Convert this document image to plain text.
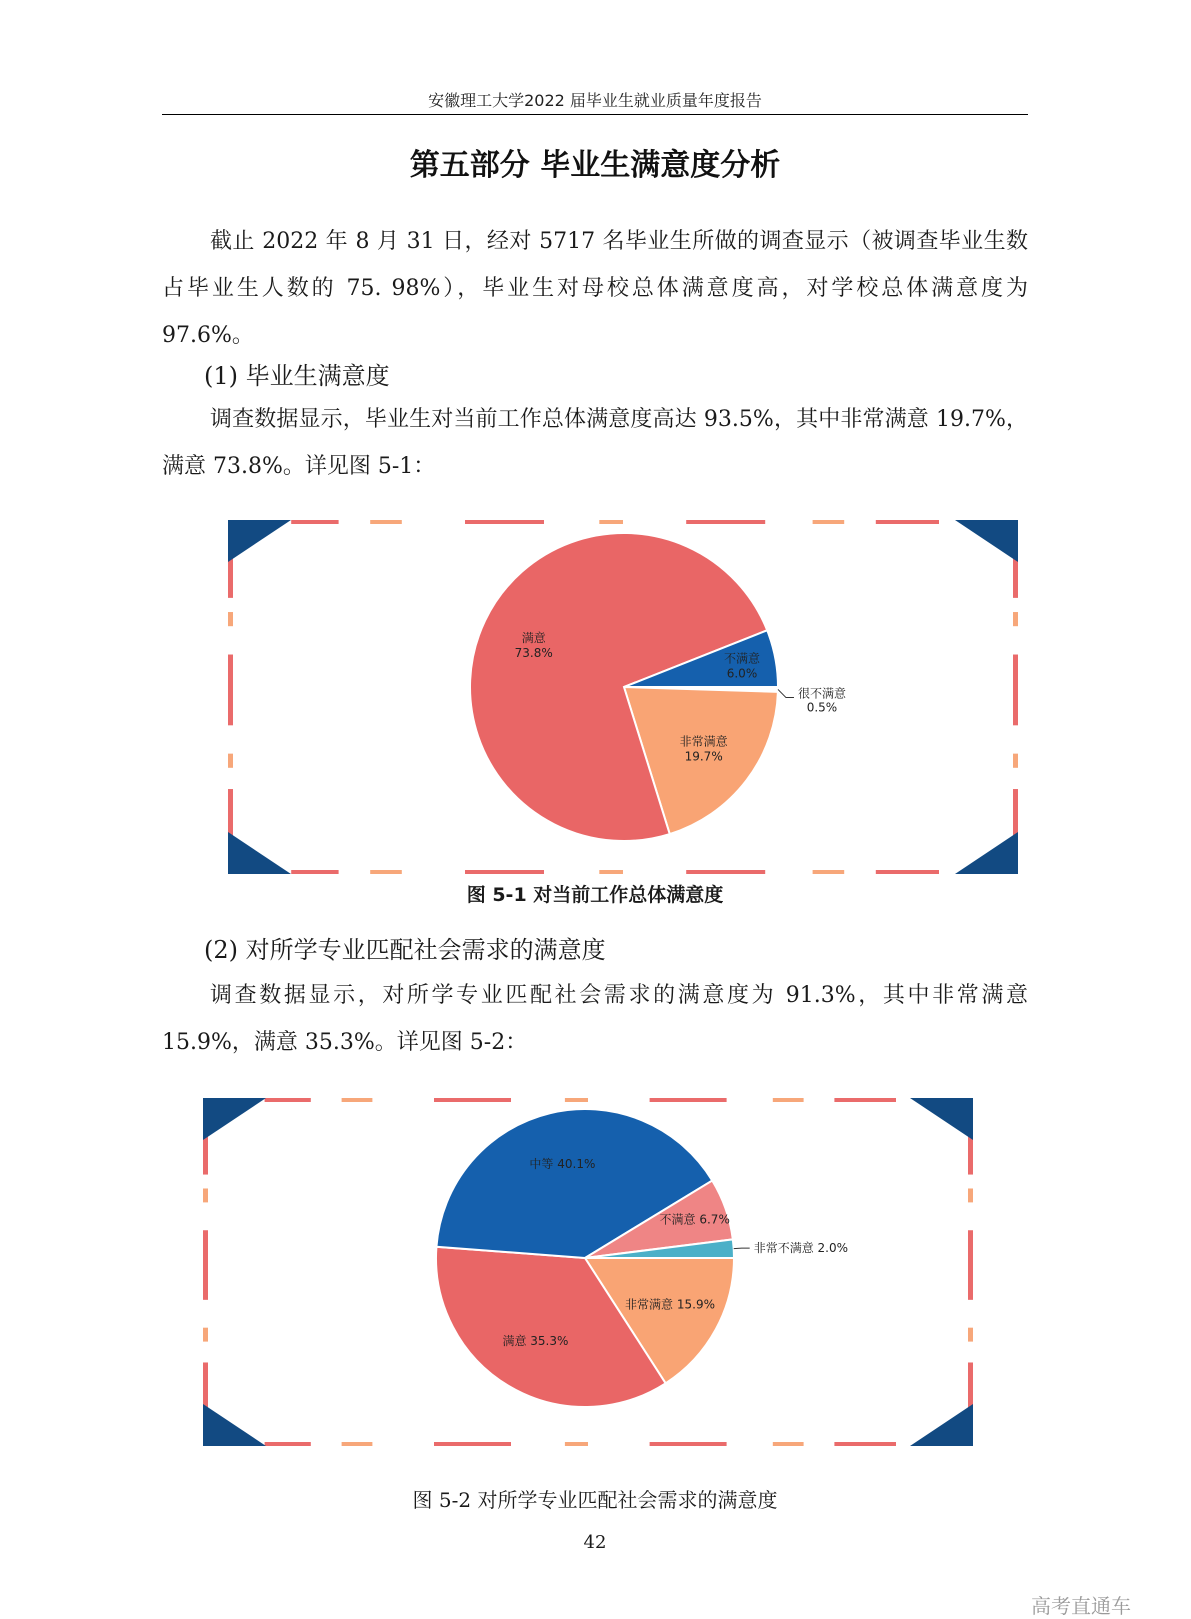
安徽理工大学2022 届毕业生就业质量年度报告
第五部分 毕业生满意度分析

截止 2022 年 8 月 31 日，经对 5717 名毕业生所做的调查显示（被调查毕业生数占毕业生人数的 75. 98%），毕业生对母校总体满意度高，对学校总体满意度为 97.6%。

(1) 毕业生满意度

调查数据显示，毕业生对当前工作总体满意度高达 93.5%，其中非常满意 19.7%，满意 73.8%。详见图 5-1：

很不满意
0.5%
非常满意
19.7%
满意
73.8%	不满意
6.0%
图 5-1 对当前工作总体满意度

(2) 对所学专业匹配社会需求的满意度

调查数据显示，对所学专业匹配社会需求的满意度为 91.3%，其中非常满意 15.9%，满意 35.3%。详见图 5-2：

非常满意 15.9%
满意 35.3%
中等 40.1%
不满意 6.7%
非常不满意 2.0%
图 5-2 对所学专业匹配社会需求的满意度
42
高考直通车
